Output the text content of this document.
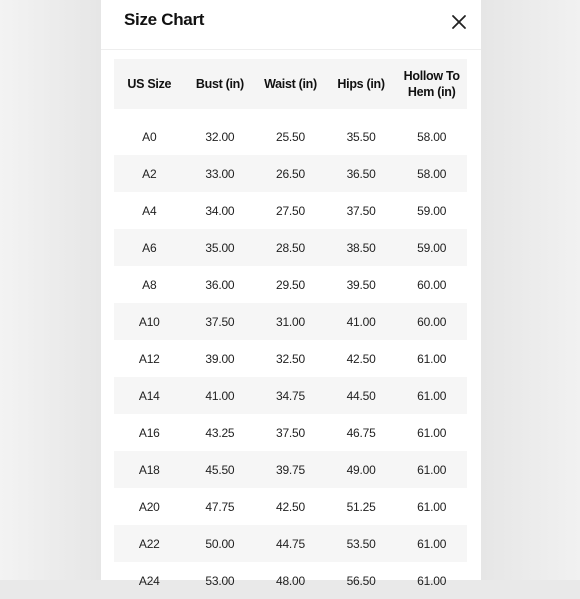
Size Chart
US Size	Bust (in)	Waist (in)	Hips (in)	Hollow To Hem (in)

A0	32.00	25.50	35.50	58.00
A2	33.00	26.50	36.50	58.00
A4	34.00	27.50	37.50	59.00
A6	35.00	28.50	38.50	59.00
A8	36.00	29.50	39.50	60.00
A10	37.50	31.00	41.00	60.00
A12	39.00	32.50	42.50	61.00
A14	41.00	34.75	44.50	61.00
A16	43.25	37.50	46.75	61.00
A18	45.50	39.75	49.00	61.00
A20	47.75	42.50	51.25	61.00
A22	50.00	44.75	53.50	61.00
A24	53.00	48.00	56.50	61.00
